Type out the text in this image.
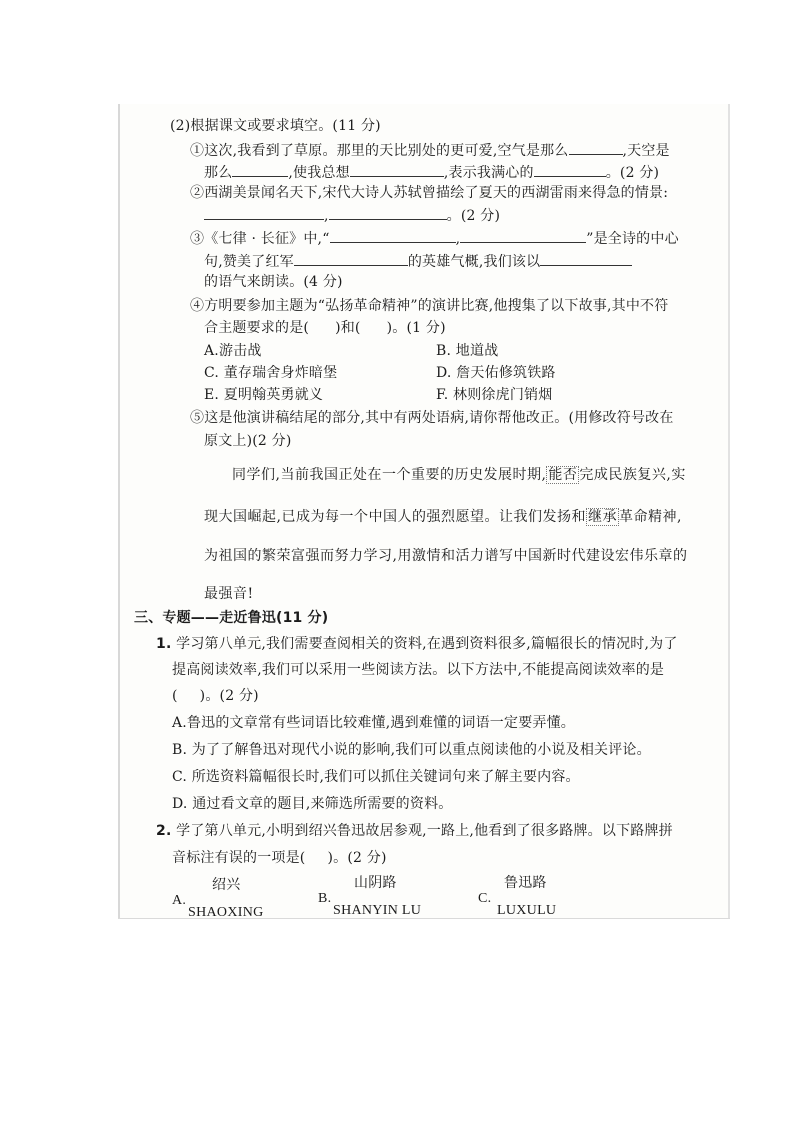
(2)根据课文或要求填空。(11 分)
①这次,我看到了草原。那里的天比别处的更可爱,空气是那么	,天空是
那么	,使我总想	,表示我满心的	。(2 分)
②西湖美景闻名天下,宋代大诗人苏轼曾描绘了夏天的西湖雷雨来得急的情景:
,	。(2 分)
③《七律 · 长征》中,“	,	”是全诗的中心
句,赞美了红军	的英雄气概,我们该以
的语气来朗读。(4 分)
④方明要参加主题为“弘扬革命精神”的演讲比赛,他搜集了以下故事,其中不符
合主题要求的是( )和( )。(1 分)
A.游击战	B. 地道战
C. 董存瑞舍身炸暗堡	D. 詹天佑修筑铁路
E. 夏明翰英勇就义	F. 林则徐虎门销烟
⑤这是他演讲稿结尾的部分,其中有两处语病,请你帮他改正。(用修改符号改在
原文上)(2 分)
同学们,当前我国正处在一个重要的历史发展时期, 能否 完成民族复兴,实
现大国崛起,已成为每一个中国人的强烈愿望。让我们发扬和 继承 革命精神,
为祖国的繁荣富强而努力学习,用激情和活力谱写中国新时代建设宏伟乐章的
最强音!
三、专题——走近鲁迅(11 分)
1. 学习第八单元,我们需要查阅相关的资料,在遇到资料很多,篇幅很长的情况时,为了
提高阅读效率,我们可以采用一些阅读方法。以下方法中,不能提高阅读效率的是
( )。(2 分)
A.鲁迅的文章常有些词语比较难懂,遇到难懂的词语一定要弄懂。
B. 为了了解鲁迅对现代小说的影响,我们可以重点阅读他的小说及相关评论。
C. 所选资料篇幅很长时,我们可以抓住关键词句来了解主要内容。
D. 通过看文章的题目,来筛选所需要的资料。
2. 学了第八单元,小明到绍兴鲁迅故居参观,一路上,他看到了很多路牌。以下路牌拼
音标注有误的一项是( )。(2 分)
绍兴
A.
SHAOXING
山阴路
B.
SHANYIN LU
鲁迅路
C.
LUXULU
